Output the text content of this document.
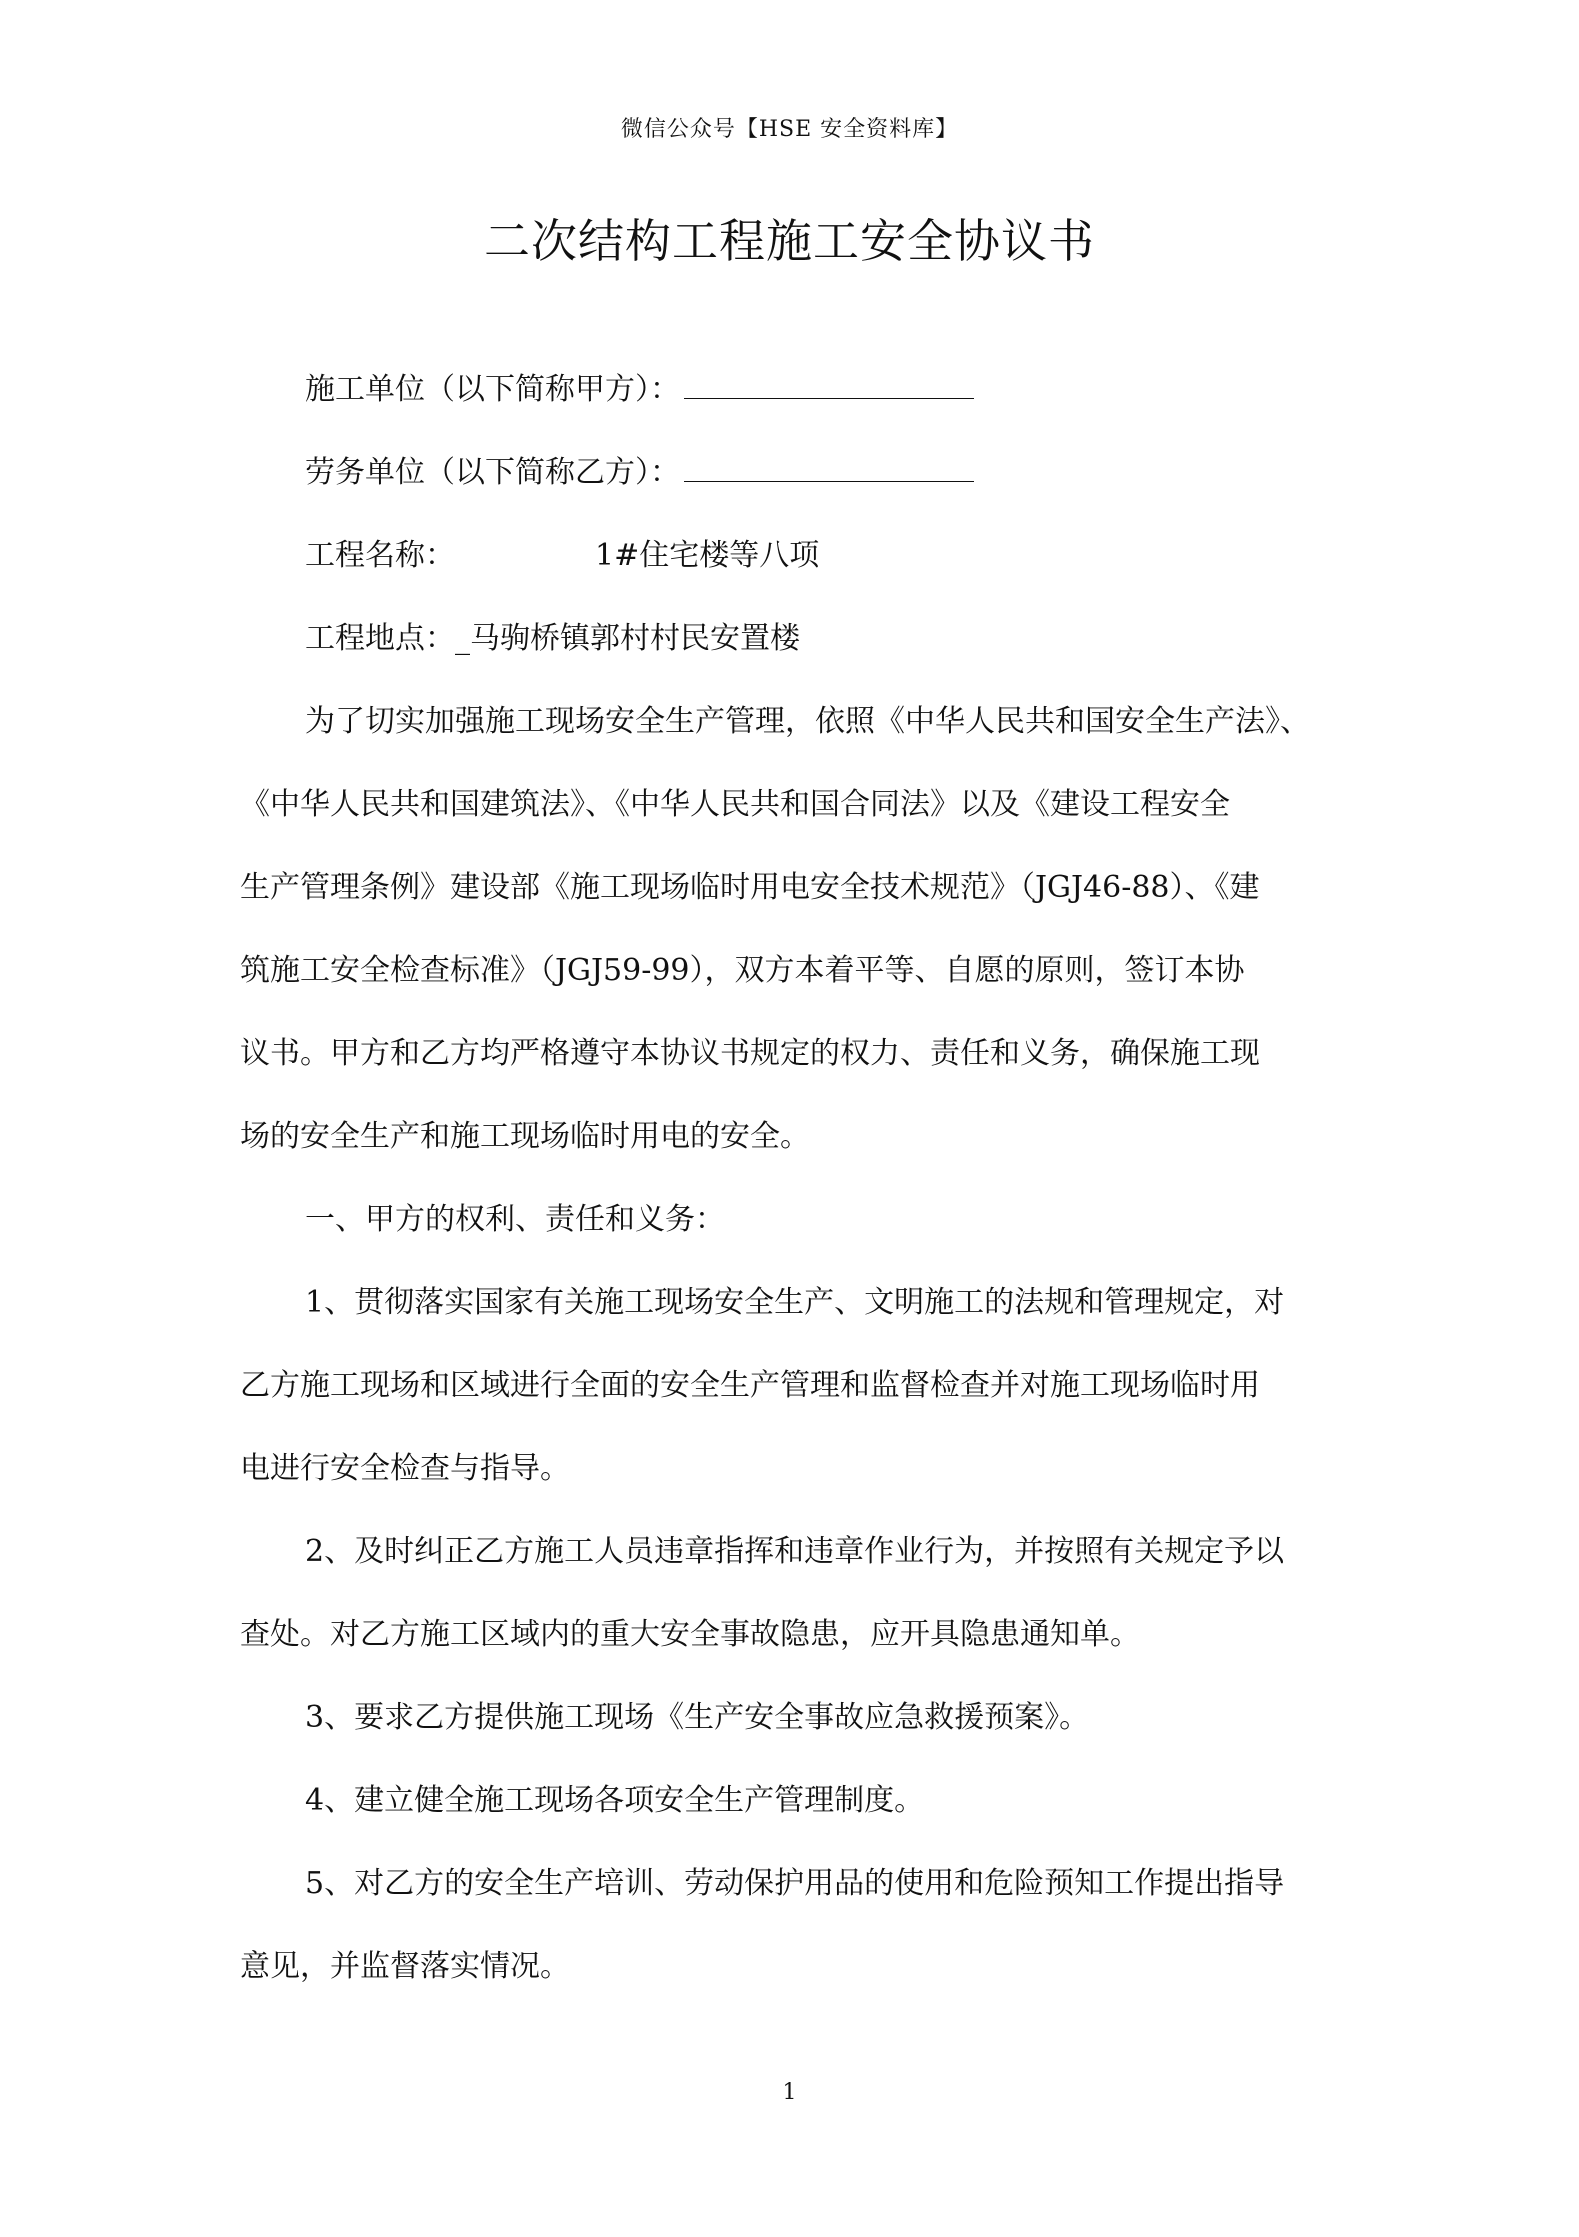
微信公众号【HSE 安全资料库】
二次结构工程施工安全协议书
施工单位（以下简称甲方）：
劳务单位（以下简称乙方）：
工程名称：	1#住宅楼等八项
工程地点：_马驹桥镇郭村村民安置楼
为了切实加强施工现场安全生产管理，依照《中华人民共和国安全生产法》、
《中华人民共和国建筑法》、《中华人民共和国合同法》以及《建设工程安全
生产管理条例》建设部《施工现场临时用电安全技术规范》（JGJ46-88）、《建
筑施工安全检查标准》（JGJ59-99），双方本着平等、自愿的原则，签订本协
议书。甲方和乙方均严格遵守本协议书规定的权力、责任和义务，确保施工现
场的安全生产和施工现场临时用电的安全。
一、甲方的权利、责任和义务：
1、贯彻落实国家有关施工现场安全生产、文明施工的法规和管理规定，对
乙方施工现场和区域进行全面的安全生产管理和监督检查并对施工现场临时用
电进行安全检查与指导。
2、及时纠正乙方施工人员违章指挥和违章作业行为，并按照有关规定予以
查处。对乙方施工区域内的重大安全事故隐患，应开具隐患通知单。
3、要求乙方提供施工现场《生产安全事故应急救援预案》。
4、建立健全施工现场各项安全生产管理制度。
5、对乙方的安全生产培训、劳动保护用品的使用和危险预知工作提出指导
意见，并监督落实情况。
1
